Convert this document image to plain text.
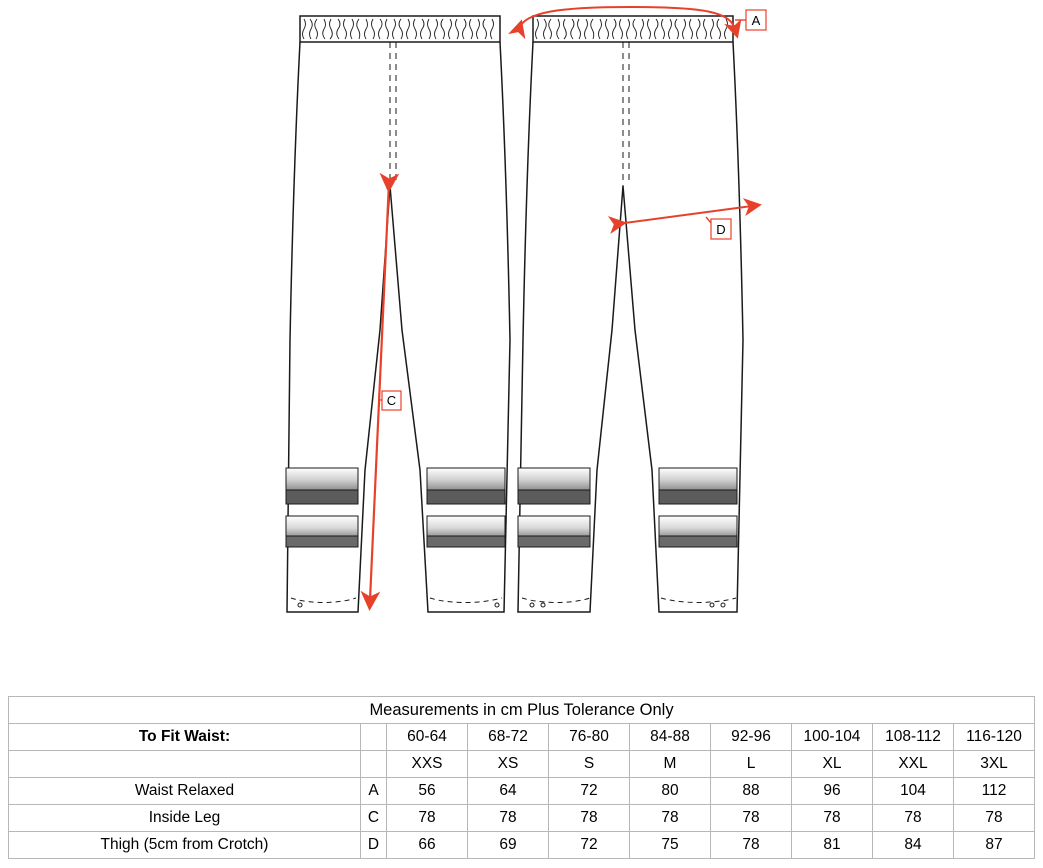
A
C
D
Measurements in cm Plus Tolerance Only									
To Fit Waist:		60-64	68-72	76-80	84-88	92-96	100-104	108-112	116-120
		XXS	XS	S	M	L	XL	XXL	3XL
Waist Relaxed	A	56	64	72	80	88	96	104	112
Inside Leg	C	78	78	78	78	78	78	78	78
Thigh (5cm from Crotch)	D	66	69	72	75	78	81	84	87
